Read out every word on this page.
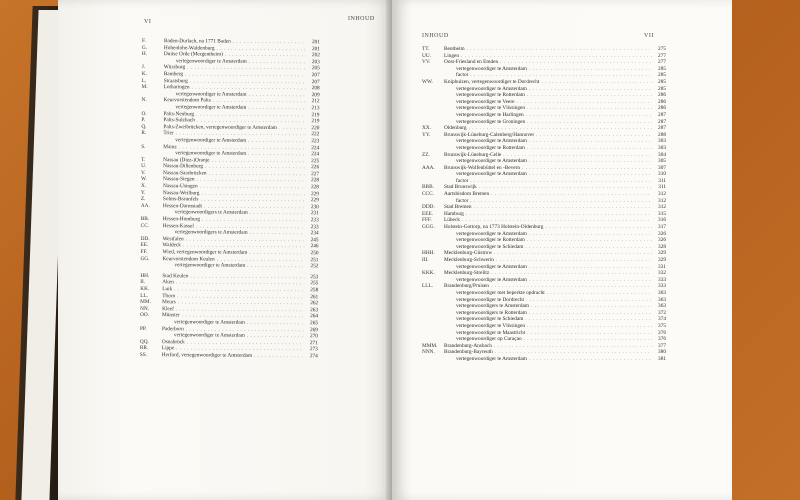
VI	INHOUD
F.	Baden-Durlach, na 1771 Baden . . .	201
G.	Hohenlohe-Waldenburg . . .	201
H.	Duitse Orde (Mergentheim) . . .	202
vertegenwoordiger te Amsterdam . . .	203
J.	Würzburg . . .	205
K.	Bamberg . . .	207
L.	Straatsburg . . .	207
M.	Lotharingen . . .	208
vertegenwoordiger te Amsterdam . . .	209
N.	Keurvorstendom Palts . . .	212
vertegenwoordiger te Amsterdam . . .	213
O.	Palts-Neuburg . . .	219
P.	Palts-Sulzbach . . .	219
Q.	Palts-Zweibrücken, vertegenwoordiger te Amsterdam . . .	220
R.	Trier . . .	222
vertegenwoordiger te Amsterdam . . .	223
S.	Mainz . . .	224
vertegenwoordiger te Amsterdam . . .	224
T.	Nassau (Diez-)Oranje . . .	225
U.	Nassau-Dillenburg . . .	226
V.	Nassau-Saarbrücken . . .	227
W.	Nassau-Siegen . . .	228
X.	Nassau-Usingen . . .	228
Y.	Nassau-Weilburg . . .	229
Z.	Solms-Braunfels . . .	229
AA.	Hessen-Darmstadt . . .	230
vertegenwoordigers te Amsterdam . . .	231
BB.	Hessen-Homburg . . .	233
CC.	Hessen-Kassel . . .	233
vertegenwoordigers te Amsterdam . . .	234
DD.	Westfalen . . .	245
EE.	Waldeck . . .	246
FF.	Wied, vertegenwoordiger te Amsterdam . . .	250
GG.	Keurvorstendom Keulen . . .	251
vertegenwoordiger te Amsterdam . . .	252
HH.	Stad Keulen . . .	253
II.	Aken . . .	255
KK.	Luik . . .	258
LL.	Thorn . . .	261
MM.	Meurs . . .	262
NN.	Kleef . . .	263
OO.	Münster . . .	264
vertegenwoordiger te Amsterdam . . .	265
PP.	Paderborn . . .	269
vertegenwoordiger te Amsterdam . . .	270
QQ.	Osnabrück . . .	271
RR.	Lippe . . .	273
SS.	Herford, vertegenwoordiger te Amsterdam . . .	274
INHOUD	VII
TT.	Bentheim . . .	275
UU.	Lingen . . .	277
VV.	Oost-Friesland en Emden . . .	277
vertegenwoordiger te Amsterdam . . .	285
factor . . .	285
WW.	Kniphuizen, vertegenwoordiger te Dordrecht . . .	285
vertegenwoordiger te Amsterdam . . .	285
vertegenwoordiger te Rotterdam . . .	286
vertegenwoordiger te Veere . . .	286
vertegenwoordiger te Vlissingen . . .	286
vertegenwoordiger te Harlingen . . .	287
vertegenwoordiger te Groningen . . .	287
XX.	Oldenburg . . .	287
YY.	Brunswijk-Lüneburg-Calenberg/Hannover . . .	288
vertegenwoordiger te Amsterdam . . .	303
vertegenwoordiger te Rotterdam . . .	303
ZZ.	Brunswijk-Lüneburg-Celle . . .	304
vertegenwoordiger te Amsterdam . . .	305
AAA.	Brunswijk-Wolfenbüttel en -Bevern . . .	307
vertegenwoordiger te Amsterdam . . .	310
factor . . .	311
BBB.	Stad Brunswijk . . .	311
CCC.	Aartsbisdom Bremen . . .	312
factor . . .	312
DDD.	Stad Bremen . . .	312
EEE.	Hamburg . . .	315
FFF.	Lübeck . . .	316
GGG.	Holstein-Gottorp, na 1773 Holstein-Oldenburg . . .	317
vertegenwoordiger te Amsterdam . . .	326
vertegenwoordiger te Rotterdam . . .	326
vertegenwoordiger te Schiedam . . .	328
HHH.	Mecklenburg-Güstrow . . .	329
III.	Mecklenburg-Schwerin . . .	329
vertegenwoordiger te Amsterdam . . .	331
KKK.	Mecklenburg-Strelitz . . .	332
vertegenwoordiger te Amsterdam . . .	333
LLL.	Brandenburg/Pruisen . . .	333
vertegenwoordiger met beperkte opdracht . . .	363
vertegenwoordiger te Dordrecht . . .	363
vertegenwoordigers te Amsterdam . . .	363
vertegenwoordigers te Rotterdam . . .	372
vertegenwoordiger te Schiedam . . .	374
vertegenwoordiger te Vlissingen . . .	375
vertegenwoordiger te Maastricht . . .	376
vertegenwoordiger op Curaçao . . .	376
MMM.	Brandenburg-Ansbach . . .	377
NNN.	Brandenburg-Bayreuth . . .	380
vertegenwoordiger te Amsterdam . . .	381
